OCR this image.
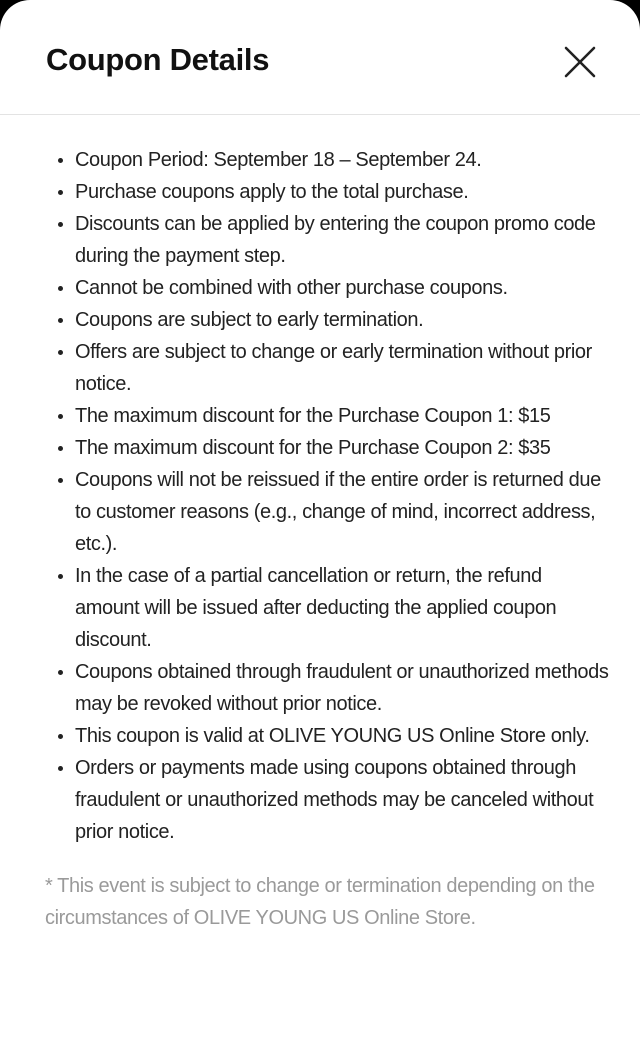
Coupon Details
Coupon Period: September 18 – September 24.
Purchase coupons apply to the total purchase.
Discounts can be applied by entering the coupon promo code during the payment step.
Cannot be combined with other purchase coupons.
Coupons are subject to early termination.
Offers are subject to change or early termination without prior notice.
The maximum discount for the Purchase Coupon 1: $15
The maximum discount for the Purchase Coupon 2: $35
Coupons will not be reissued if the entire order is returned due to customer reasons (e.g., change of mind, incorrect address, etc.).
In the case of a partial cancellation or return, the refund amount will be issued after deducting the applied coupon discount.
Coupons obtained through fraudulent or unauthorized methods may be revoked without prior notice.
This coupon is valid at OLIVE YOUNG US Online Store only.
Orders or payments made using coupons obtained through fraudulent or unauthorized methods may be canceled without prior notice.

* This event is subject to change or termination depending on the circumstances of OLIVE YOUNG US Online Store.
